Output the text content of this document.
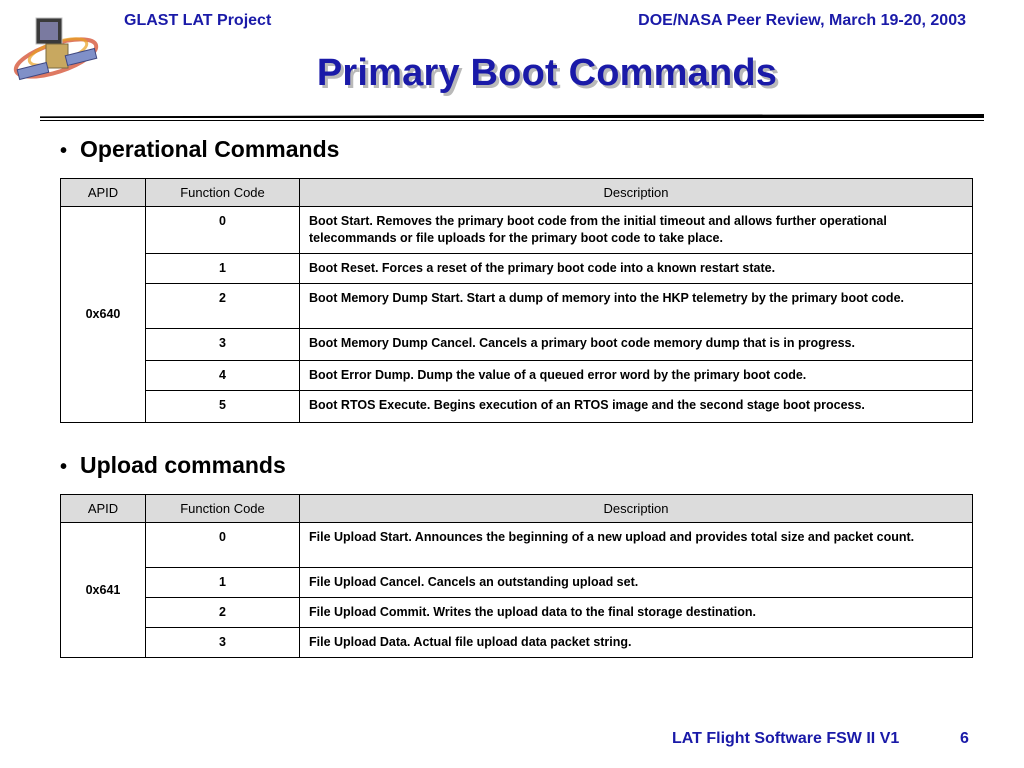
GLAST LAT Project	DOE/NASA Peer Review, March 19-20, 2003
Primary Boot Commands
• Operational Commands
APID	Function Code	Description
0x640	0	Boot Start. Removes the primary boot code from the initial timeout and allows further operational telecommands or file uploads for the primary boot code to take place.
	1	Boot Reset. Forces a reset of the primary boot code into a known restart state.
	2	Boot Memory Dump Start. Start a dump of memory into the HKP telemetry by the primary boot code.
	3	Boot Memory Dump Cancel. Cancels a primary boot code memory dump that is in progress.
	4	Boot Error Dump. Dump the value of a queued error word by the primary boot code.
	5	Boot RTOS Execute. Begins execution of an RTOS image and the second stage boot process.
• Upload commands
APID	Function Code	Description
0x641	0	File Upload Start. Announces the beginning of a new upload and provides total size and packet count.
	1	File Upload Cancel. Cancels an outstanding upload set.
	2	File Upload Commit. Writes the upload data to the final storage destination.
	3	File Upload Data. Actual file upload data packet string.
LAT Flight Software FSW II V1	6
